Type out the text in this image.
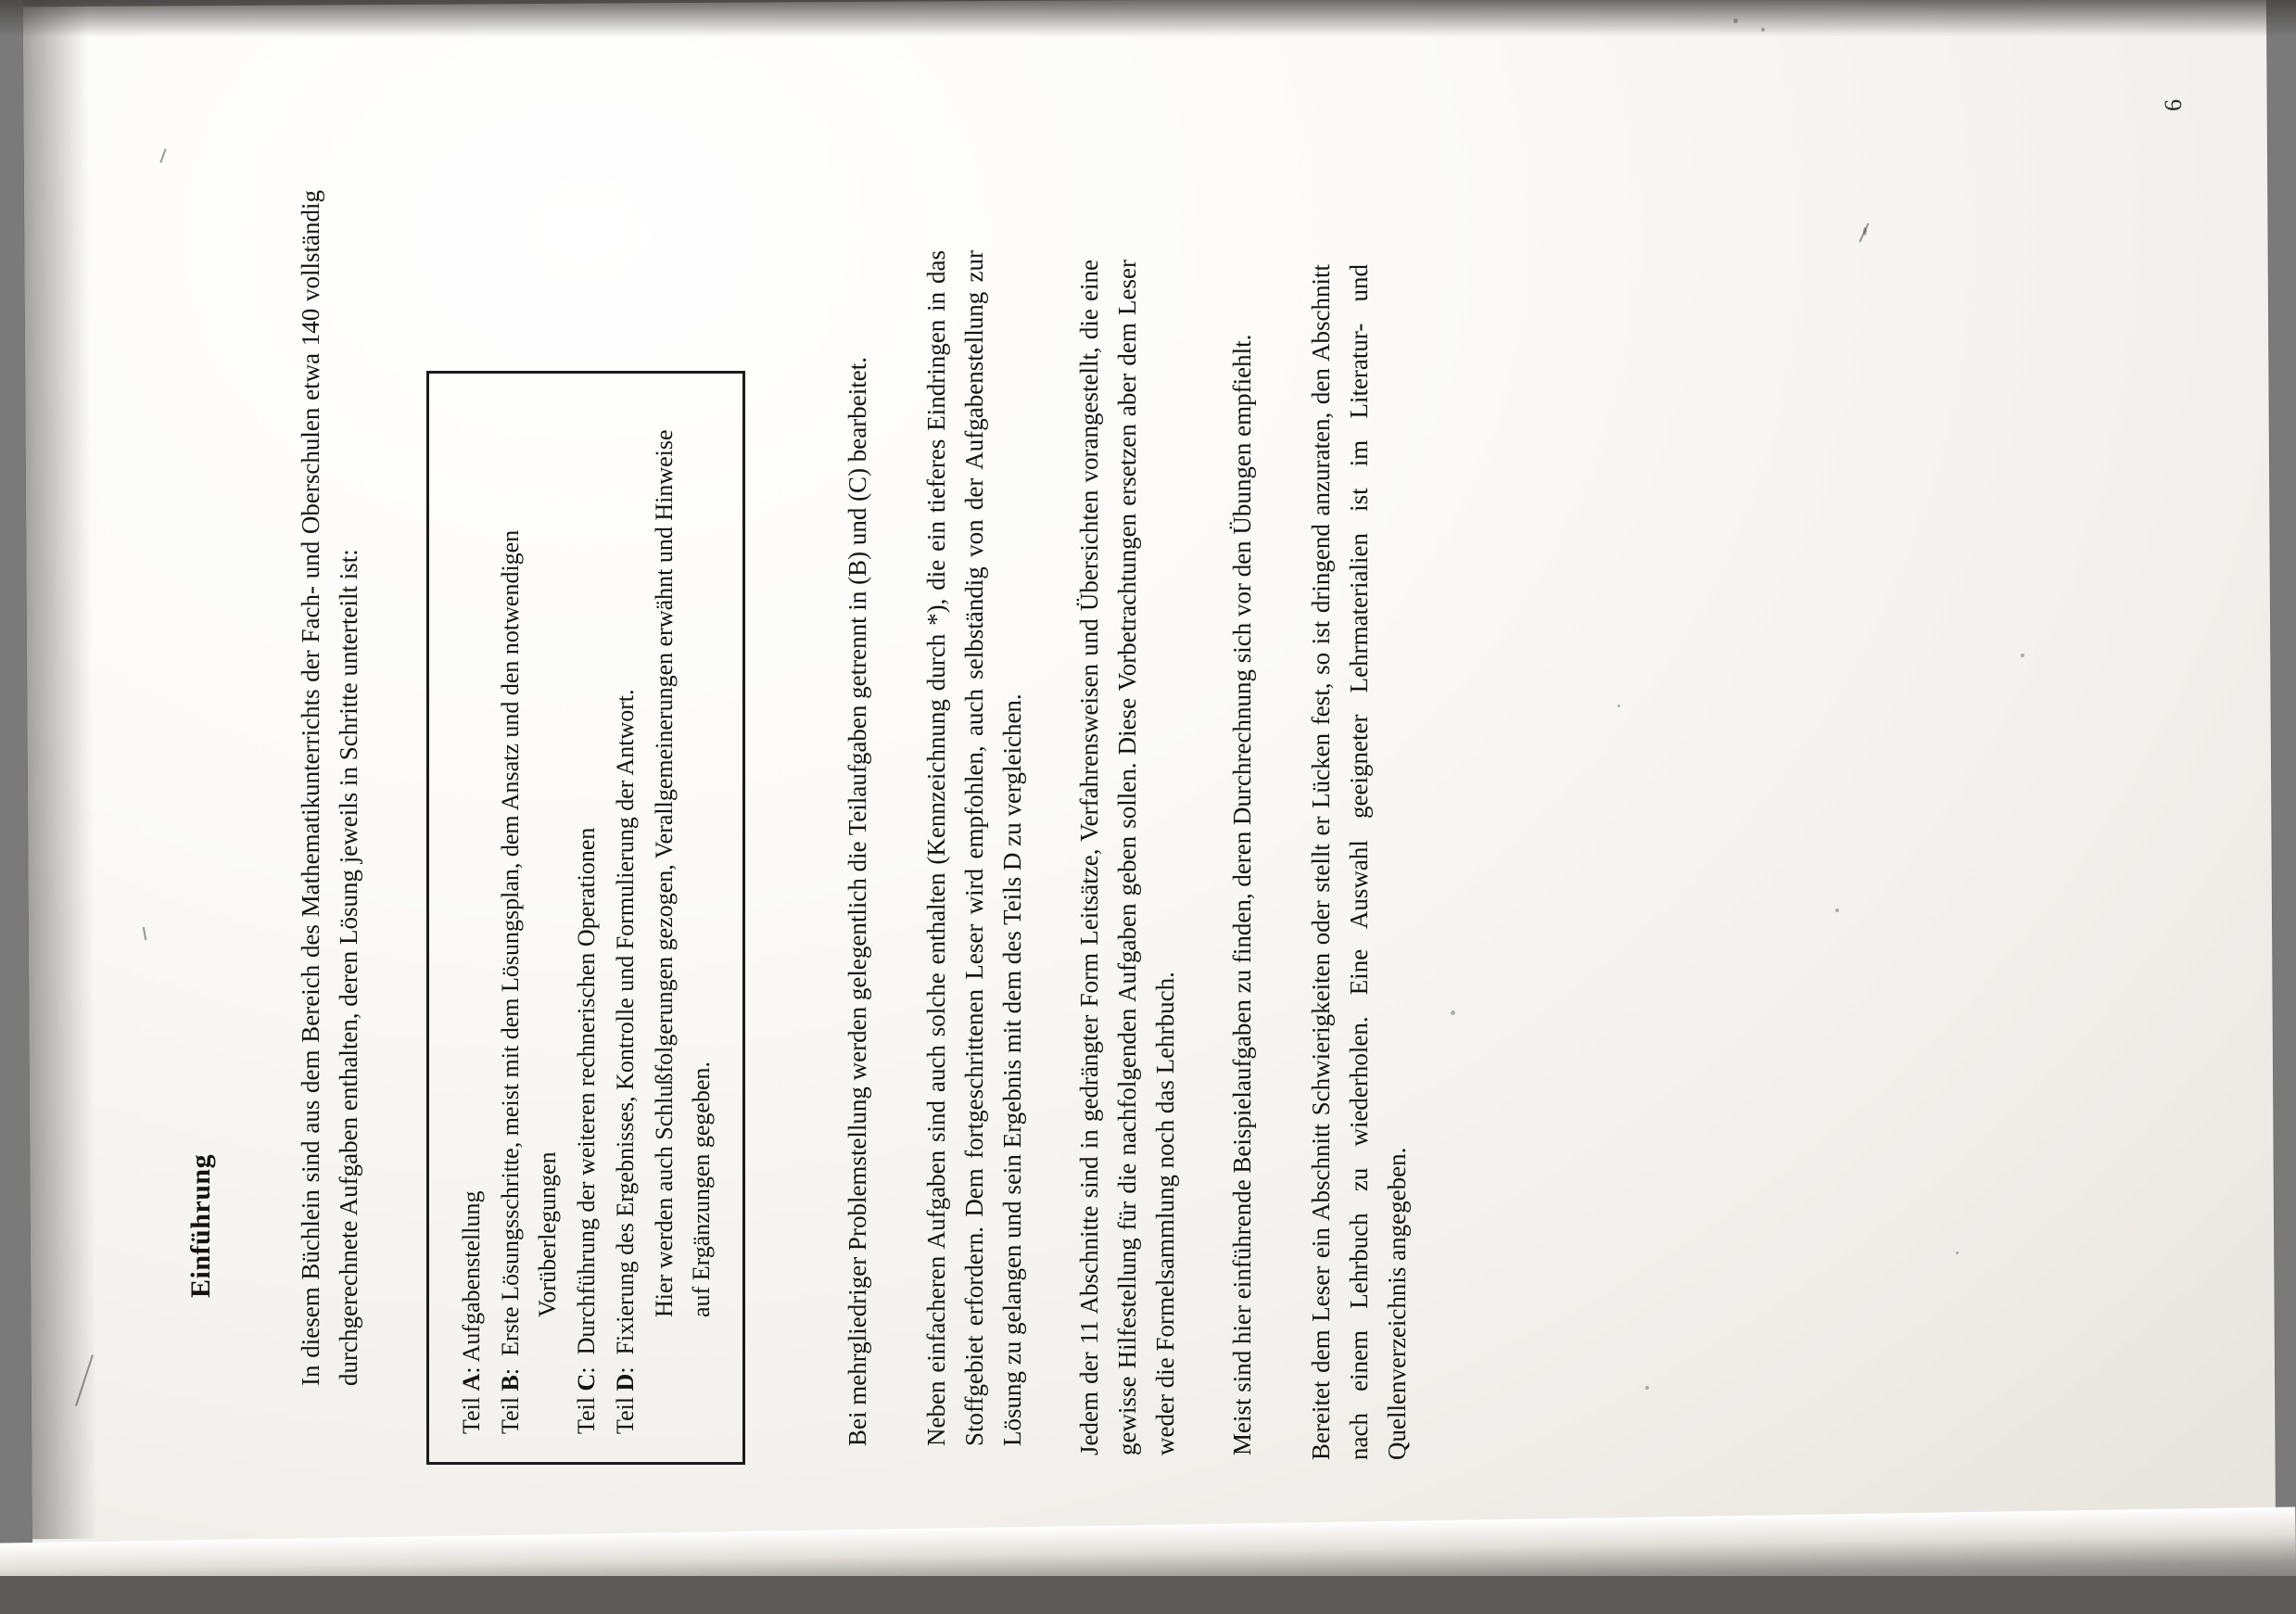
6
Einführung	In diesem Büchlein sind aus dem Bereich des Mathematikunterrichts der Fach- und Oberschulen etwa 140 vollständig durchgerechnete Aufgaben enthalten, deren Lösung jeweils in Schritte unterteilt ist:
Teil A: Aufgabenstellung
Teil B:  Erste Lösungsschritte, meist mit dem Lösungsplan, dem Ansatz und den notwendigen Vorüberlegungen
Teil C:  Durchführung der weiteren rechnerischen Operationen
Teil D:  Fixierung des Ergebnisses, Kontrolle und Formulierung der Antwort. Hier werden auch Schlußfolgerungen gezogen, Verallgemeinerungen erwähnt und Hinweise auf Ergänzungen gegeben.	Bei mehrgliedriger Problemstellung werden gelegentlich die Teilaufgaben getrennt in (B) und (C) bearbeitet. Neben einfacheren Aufgaben sind auch solche enthalten (Kennzeichnung durch *), die ein tieferes Eindringen in das Stoffgebiet erfordern. Dem fortgeschrittenen Leser wird empfohlen, auch selbständig von der Aufgabenstellung zur Lösung zu gelangen und sein Ergebnis mit dem des Teils D zu vergleichen. Jedem der 11 Abschnitte sind in gedrängter Form Leitsätze, Verfahrensweisen und Übersichten vorangestellt, die eine gewisse Hilfestellung für die nachfolgenden Aufgaben geben sollen. Diese Vorbetrachtungen ersetzen aber dem Leser weder die Formelsammlung noch das Lehrbuch. Meist sind hier einführende Beispielaufgaben zu finden, deren Durchrechnung sich vor den Übungen empfiehlt. Bereitet dem Leser ein Abschnitt Schwierigkeiten oder stellt er Lücken fest, so ist dringend anzuraten, den Abschnitt nach einem Lehrbuch zu wiederholen. Eine Auswahl geeigneter Lehrmaterialien ist im Literatur- und Quellenverzeichnis angegeben.
